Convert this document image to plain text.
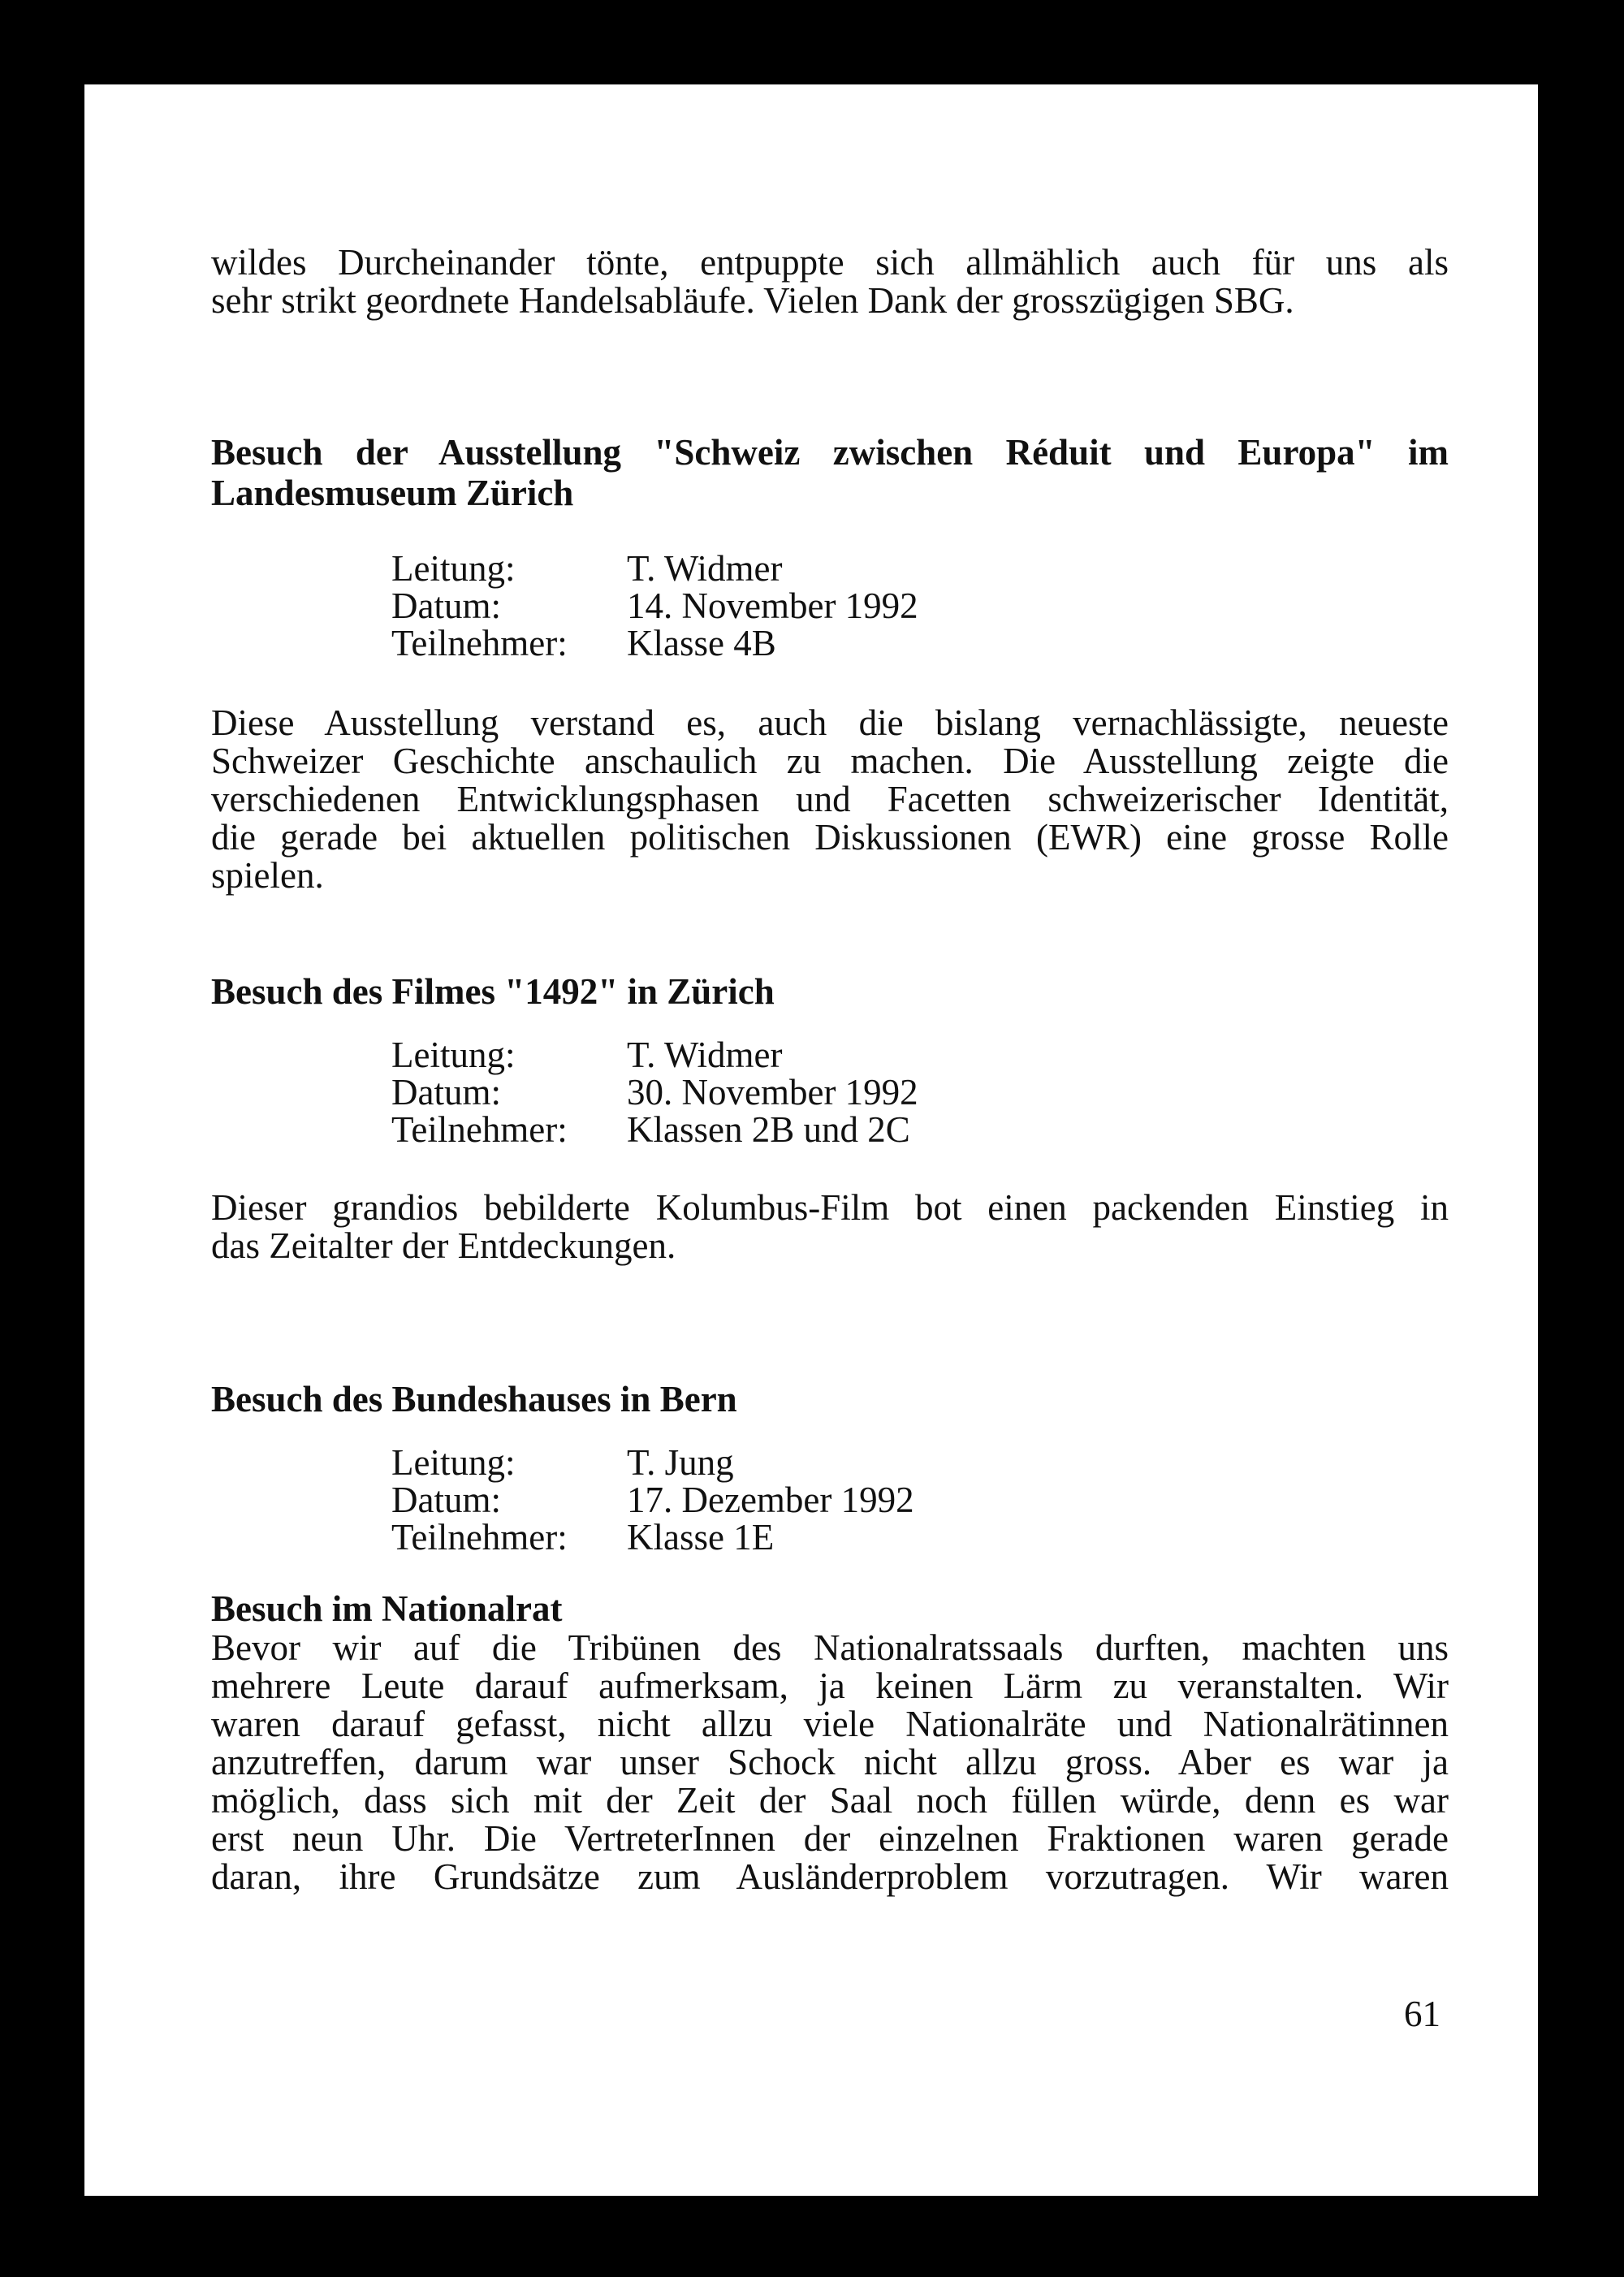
wildes Durcheinander tönte, entpuppte sich allmählich auch für uns als
sehr strikt geordnete Handelsabläufe. Vielen Dank der grosszügigen SBG.
Besuch der Ausstellung "Schweiz zwischen Réduit und Europa" im
Landesmuseum Zürich
Leitung:	T. Widmer
Datum:	14. November 1992
Teilnehmer:	Klasse 4B
Diese Ausstellung verstand es, auch die bislang vernachlässigte, neueste
Schweizer Geschichte anschaulich zu machen. Die Ausstellung zeigte die
verschiedenen Entwicklungsphasen und Facetten schweizerischer Identität,
die gerade bei aktuellen politischen Diskussionen (EWR) eine grosse Rolle
spielen.
Besuch des Filmes "1492" in Zürich
Leitung:	T. Widmer
Datum:	30. November 1992
Teilnehmer:	Klassen 2B und 2C
Dieser grandios bebilderte Kolumbus-Film bot einen packenden Einstieg in
das Zeitalter der Entdeckungen.
Besuch des Bundeshauses in Bern
Leitung:	T. Jung
Datum:	17. Dezember 1992
Teilnehmer:	Klasse 1E
Besuch im Nationalrat
Bevor wir auf die Tribünen des Nationalratssaals durften, machten uns
mehrere Leute darauf aufmerksam, ja keinen Lärm zu veranstalten. Wir
waren darauf gefasst, nicht allzu viele Nationalräte und Nationalrätinnen
anzutreffen, darum war unser Schock nicht allzu gross. Aber es war ja
möglich, dass sich mit der Zeit der Saal noch füllen würde, denn es war
erst neun Uhr. Die VertreterInnen der einzelnen Fraktionen waren gerade
daran, ihre Grundsätze zum Ausländerproblem vorzutragen. Wir waren
61
